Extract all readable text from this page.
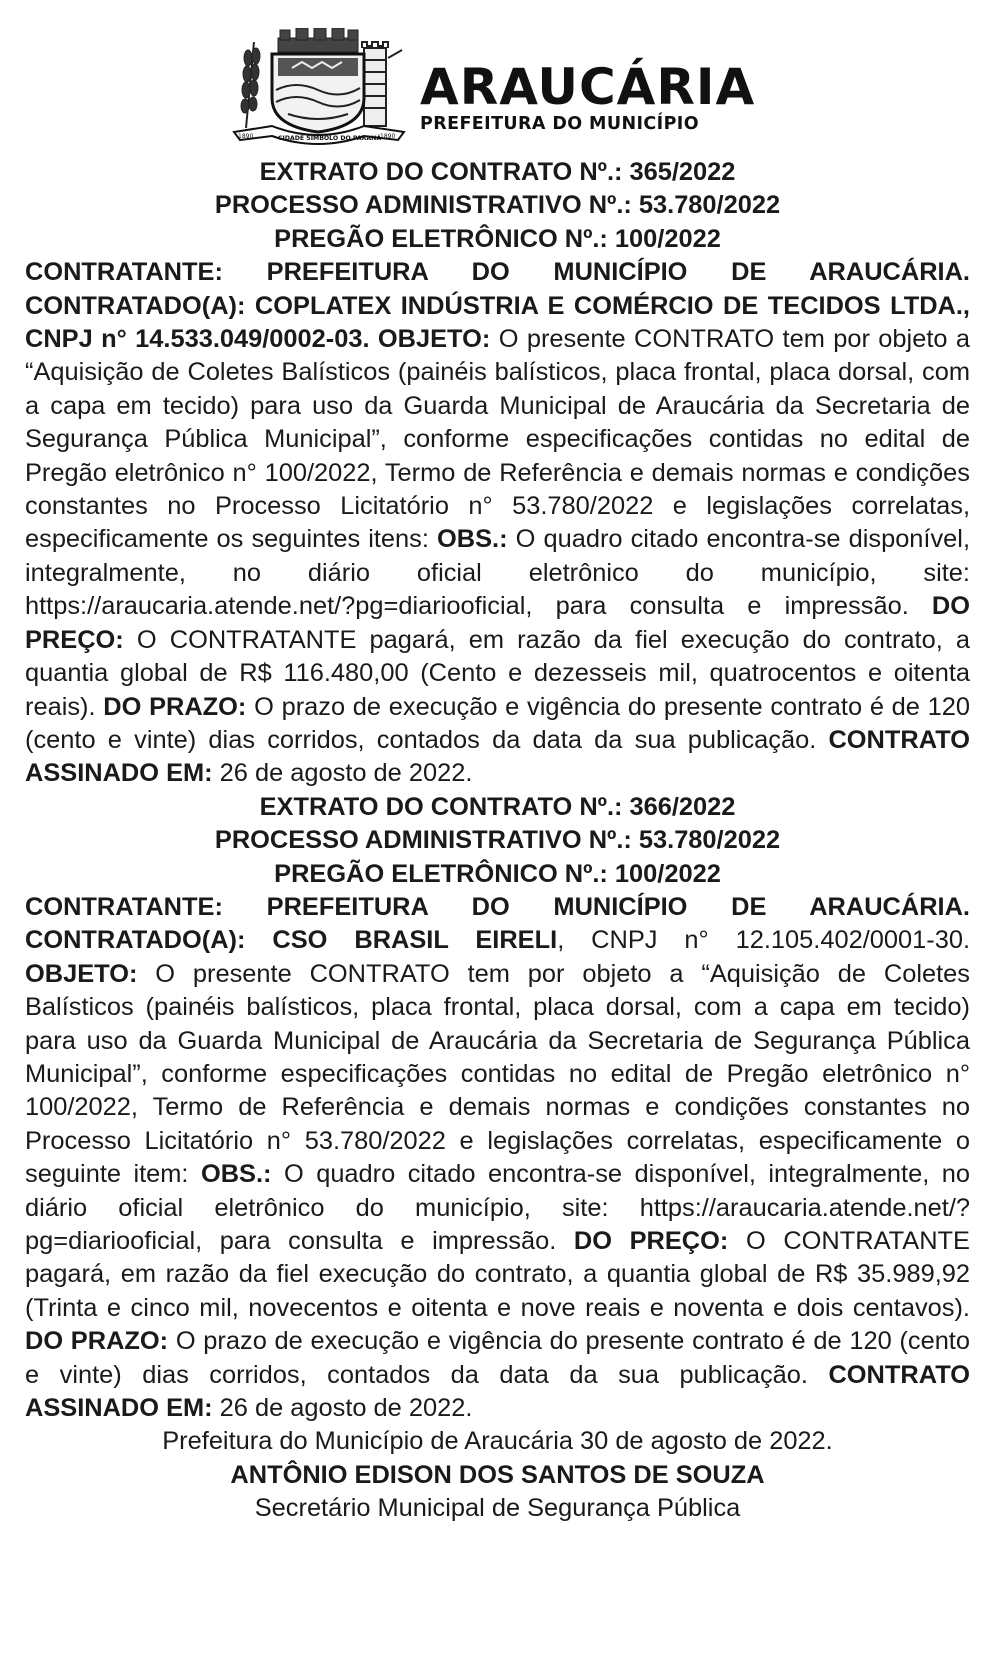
1890	CIDADE SÍMBOLO DO PARANÁ
1890
ARAUCÁRIA
PREFEITURA DO MUNICÍPIO
EXTRATO DO CONTRATO Nº.: 365/2022
PROCESSO ADMINISTRATIVO Nº.: 53.780/2022
PREGÃO ELETRÔNICO Nº.: 100/2022
CONTRATANTE: PREFEITURA DO MUNICÍPIO DE ARAUCÁRIA. CONTRATADO(A): COPLATEX INDÚSTRIA E COMÉRCIO DE TECIDOS LTDA., CNPJ n° 14.533.049/0002-03. OBJETO: O presente CONTRATO tem por objeto a “Aquisição de Coletes Balísticos (painéis balísticos, placa frontal, placa dorsal, com a capa em tecido) para uso da Guarda Municipal de Araucária da Secretaria de Segurança Pública Municipal”, conforme especificações contidas no edital de Pregão eletrônico n° 100/2022, Termo de Referência e demais normas e condições constantes no Processo Licitatório n° 53.780/2022 e legislações correlatas, especificamente os seguintes itens: OBS.: O quadro citado encontra-se disponível, integralmente, no diário oficial eletrônico do município, site: https://araucaria.atende.net/?pg=diariooficial, para consulta e impressão. DO PREÇO: O CONTRATANTE pagará, em razão da fiel execução do contrato, a quantia global de R$ 116.480,00 (Cento e dezesseis mil, quatrocentos e oitenta reais). DO PRAZO: O prazo de execução e vigência do presente contrato é de 120 (cento e vinte) dias corridos, contados da data da sua publicação. CONTRATO ASSINADO EM: 26 de agosto de 2022.
EXTRATO DO CONTRATO Nº.: 366/2022
PROCESSO ADMINISTRATIVO Nº.: 53.780/2022
PREGÃO ELETRÔNICO Nº.: 100/2022
CONTRATANTE: PREFEITURA DO MUNICÍPIO DE ARAUCÁRIA. CONTRATADO(A): CSO BRASIL EIRELI, CNPJ n° 12.105.402/0001-30. OBJETO: O presente CONTRATO tem por objeto a “Aquisição de Coletes Balísticos (painéis balísticos, placa frontal, placa dorsal, com a capa em tecido) para uso da Guarda Municipal de Araucária da Secretaria de Segurança Pública Municipal”, conforme especificações contidas no edital de Pregão eletrônico n° 100/2022, Termo de Referência e demais normas e condições constantes no Processo Licitatório n° 53.780/2022 e legislações correlatas, especificamente o seguinte item: OBS.: O quadro citado encontra-se disponível, integralmente, no diário oficial eletrônico do município, site: https://araucaria.atende.net/?pg=diariooficial, para consulta e impressão. DO PREÇO: O CONTRATANTE pagará, em razão da fiel execução do contrato, a quantia global de R$ 35.989,92 (Trinta e cinco mil, novecentos e oitenta e nove reais e noventa e dois centavos). DO PRAZO: O prazo de execução e vigência do presente contrato é de 120 (cento e vinte) dias corridos, contados da data da sua publicação. CONTRATO ASSINADO EM: 26 de agosto de 2022.
Prefeitura do Município de Araucária 30 de agosto de 2022.
ANTÔNIO EDISON DOS SANTOS DE SOUZA
Secretário Municipal de Segurança Pública
